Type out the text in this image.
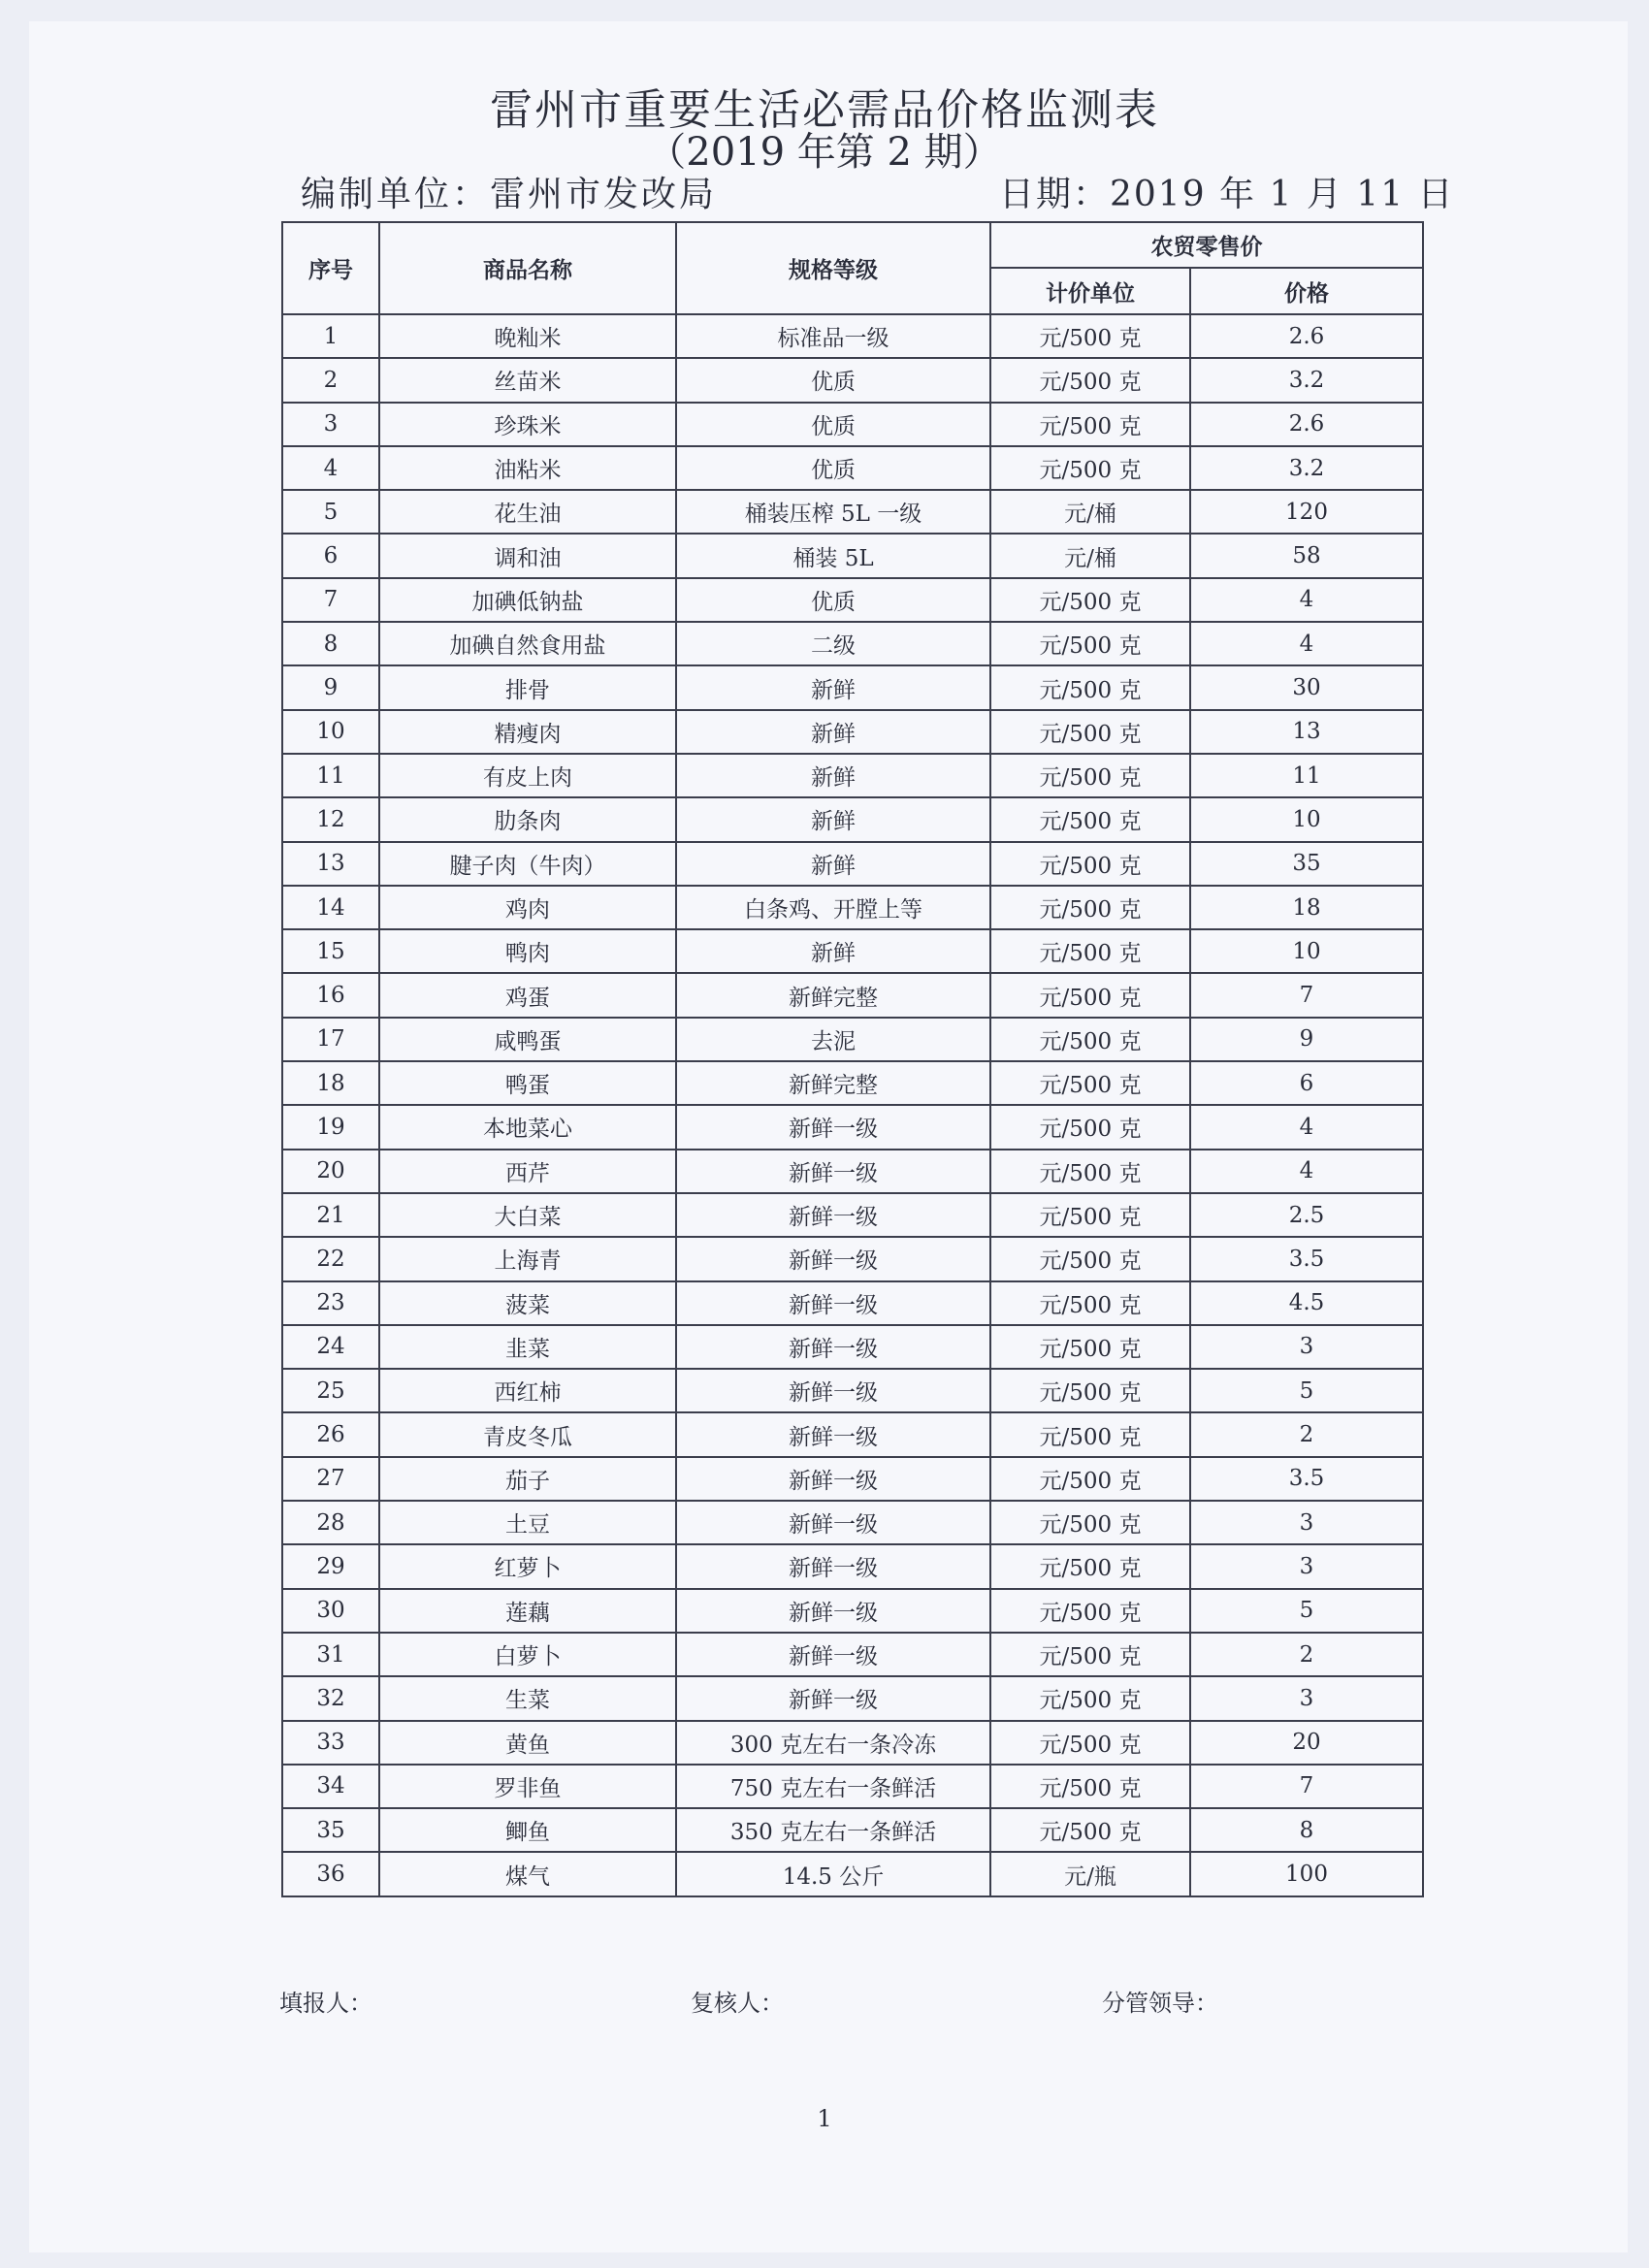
雷州市重要生活必需品价格监测表
（2019 年第 2 期）
编制单位：雷州市发改局	日期：2019 年 1 月 11 日
序号	商品名称	规格等级	农贸零售价	
			计价单位	价格
1	晚籼米	标准品一级	元/500 克	2.6
2	丝苗米	优质	元/500 克	3.2
3	珍珠米	优质	元/500 克	2.6
4	油粘米	优质	元/500 克	3.2
5	花生油	桶装压榨 5L 一级	元/桶	120
6	调和油	桶装 5L	元/桶	58
7	加碘低钠盐	优质	元/500 克	4
8	加碘自然食用盐	二级	元/500 克	4
9	排骨	新鲜	元/500 克	30
10	精瘦肉	新鲜	元/500 克	13
11	有皮上肉	新鲜	元/500 克	11
12	肋条肉	新鲜	元/500 克	10
13	腱子肉（牛肉）	新鲜	元/500 克	35
14	鸡肉	白条鸡、开膛上等	元/500 克	18
15	鸭肉	新鲜	元/500 克	10
16	鸡蛋	新鲜完整	元/500 克	7
17	咸鸭蛋	去泥	元/500 克	9
18	鸭蛋	新鲜完整	元/500 克	6
19	本地菜心	新鲜一级	元/500 克	4
20	西芹	新鲜一级	元/500 克	4
21	大白菜	新鲜一级	元/500 克	2.5
22	上海青	新鲜一级	元/500 克	3.5
23	菠菜	新鲜一级	元/500 克	4.5
24	韭菜	新鲜一级	元/500 克	3
25	西红柿	新鲜一级	元/500 克	5
26	青皮冬瓜	新鲜一级	元/500 克	2
27	茄子	新鲜一级	元/500 克	3.5
28	土豆	新鲜一级	元/500 克	3
29	红萝卜	新鲜一级	元/500 克	3
30	莲藕	新鲜一级	元/500 克	5
31	白萝卜	新鲜一级	元/500 克	2
32	生菜	新鲜一级	元/500 克	3
33	黄鱼	300 克左右一条冷冻	元/500 克	20
34	罗非鱼	750 克左右一条鲜活	元/500 克	7
35	鲫鱼	350 克左右一条鲜活	元/500 克	8
36	煤气	14.5 公斤	元/瓶	100
填报人：	复核人：	分管领导：
1
